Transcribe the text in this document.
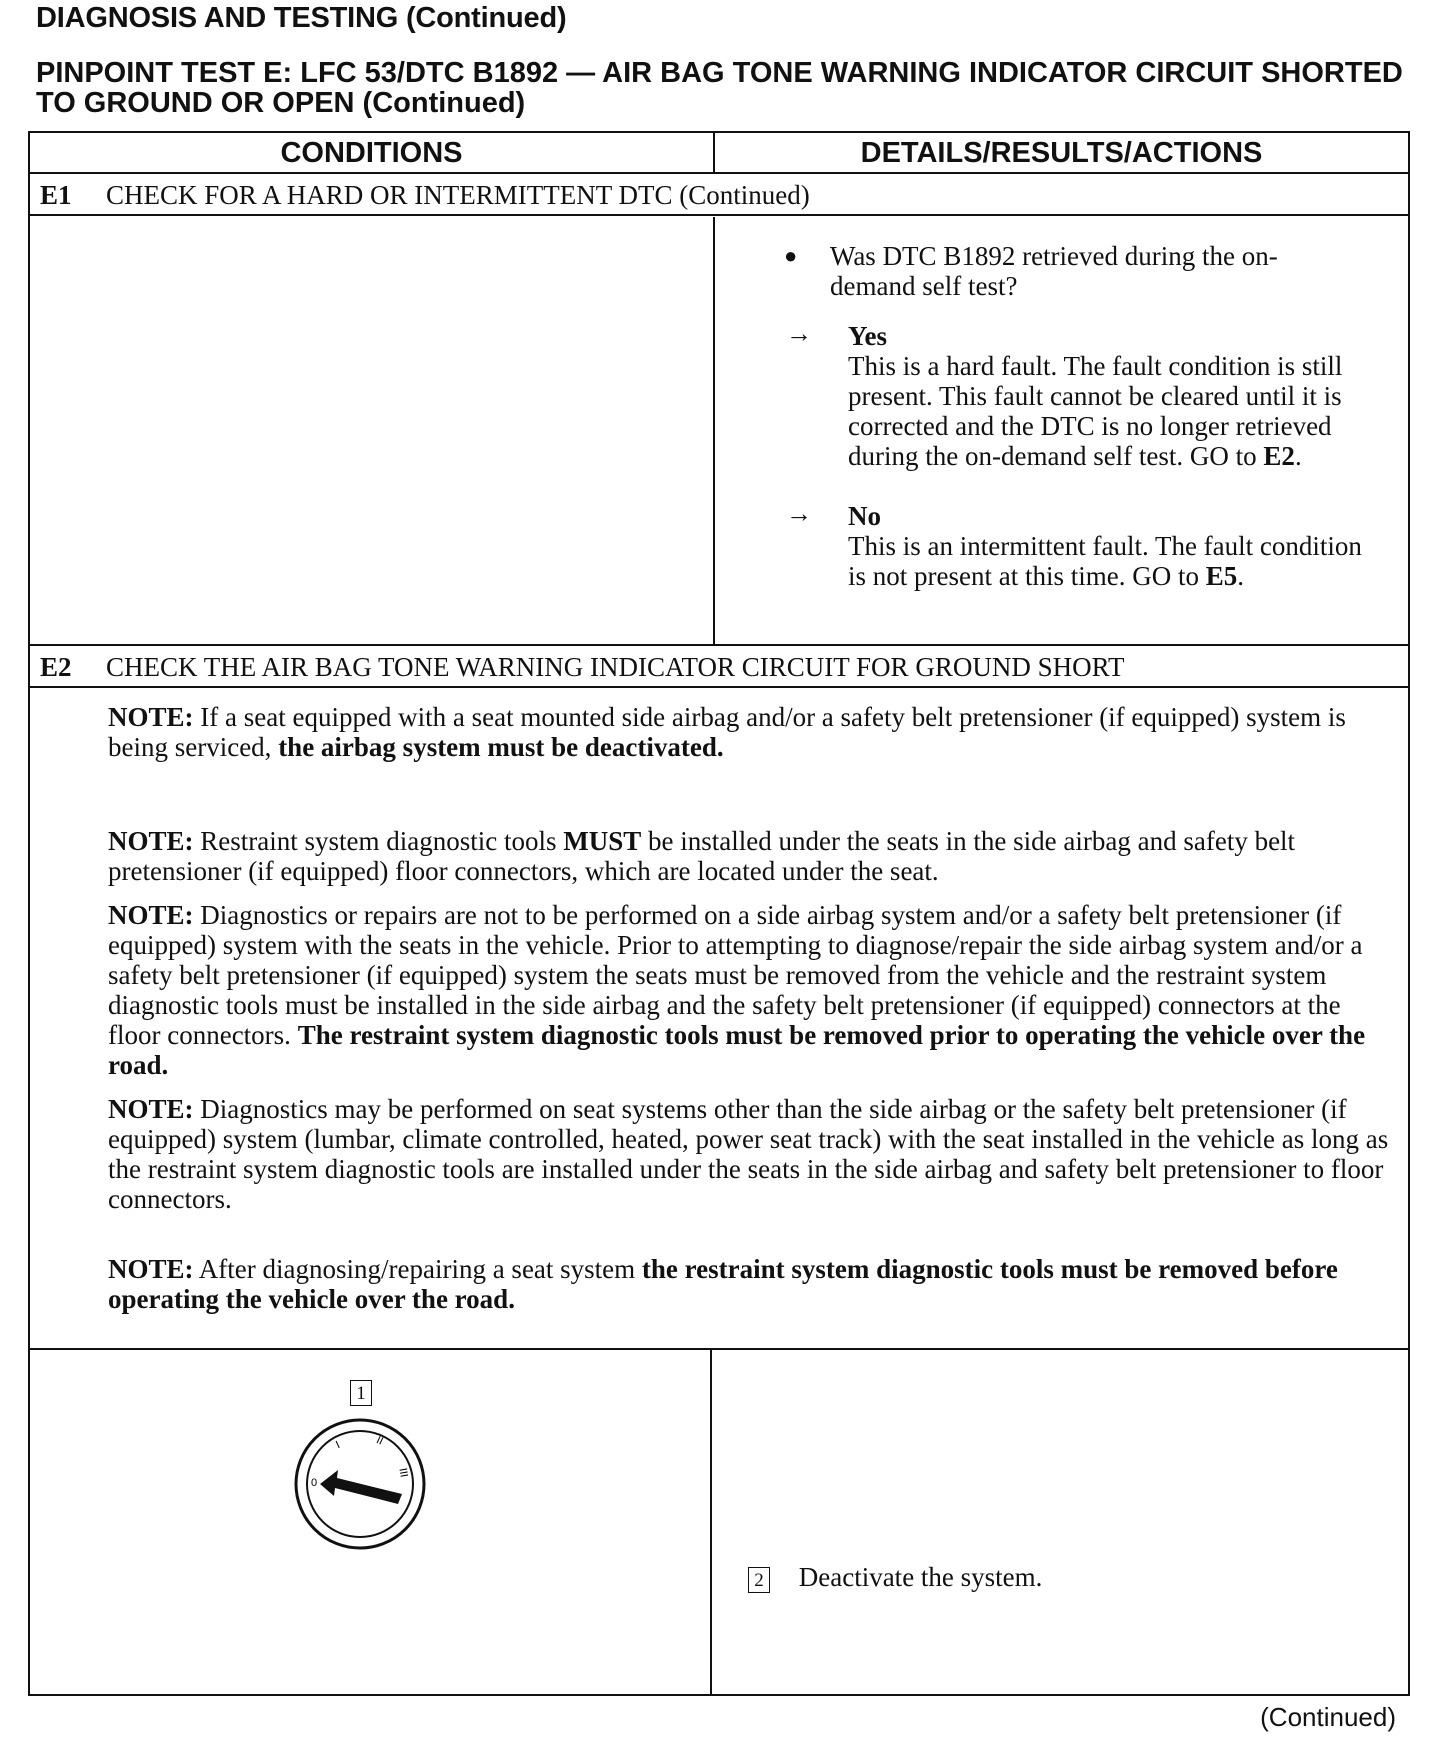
DIAGNOSIS AND TESTING (Continued)
PINPOINT TEST E: LFC 53/DTC B1892 — AIR BAG TONE WARNING INDICATOR CIRCUIT SHORTED TO GROUND OR OPEN (Continued)
CONDITIONS	DETAILS/RESULTS/ACTIONS
E1 CHECK FOR A HARD OR INTERMITTENT DTC (Continued)
● Was DTC B1892 retrieved during the on-demand self test?
→ Yes
This is a hard fault. The fault condition is still present. This fault cannot be cleared until it is corrected and the DTC is no longer retrieved during the on-demand self test. GO to E2.
→ No
This is an intermittent fault. The fault condition is not present at this time. GO to E5.
E2 CHECK THE AIR BAG TONE WARNING INDICATOR CIRCUIT FOR GROUND SHORT
NOTE: If a seat equipped with a seat mounted side airbag and/or a safety belt pretensioner (if equipped) system is being serviced, the airbag system must be deactivated.
NOTE: Restraint system diagnostic tools MUST be installed under the seats in the side airbag and safety belt pretensioner (if equipped) floor connectors, which are located under the seat.
NOTE: Diagnostics or repairs are not to be performed on a side airbag system and/or a safety belt pretensioner (if equipped) system with the seats in the vehicle. Prior to attempting to diagnose/repair the side airbag system and/or a safety belt pretensioner (if equipped) system the seats must be removed from the vehicle and the restraint system diagnostic tools must be installed in the side airbag and the safety belt pretensioner (if equipped) connectors at the floor connectors. The restraint system diagnostic tools must be removed prior to operating the vehicle over the road.
NOTE: Diagnostics may be performed on seat systems other than the side airbag or the safety belt pretensioner (if equipped) system (lumbar, climate controlled, heated, power seat track) with the seat installed in the vehicle as long as the restraint system diagnostic tools are installed under the seats in the side airbag and safety belt pretensioner to floor connectors.
NOTE: After diagnosing/repairing a seat system the restraint system diagnostic tools must be removed before operating the vehicle over the road.
1
0
I	II
III
2 Deactivate the system.
(Continued)
